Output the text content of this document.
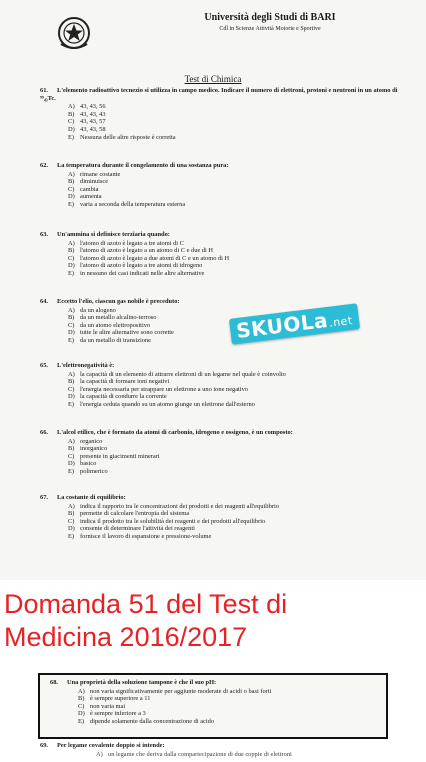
Università degli Studi di BARI
Cdl in Scienze Attività Motorie e Sportive
Test di Chimica
61. L'elemento radioattivo tecnezio si utilizza in campo medico. Indicare il numero di elettroni, protoni e neutroni in un atomo di ⁹⁹₄₃Tc.
A) 43, 43, 56
B) 43, 43, 43
C) 43, 43, 57
D) 43, 43, 58
E) Nessuna delle altre risposte è corretta
62. La temperatura durante il congelamento di una sostanza pura:
A) rimane costante
B) diminuisce
C) cambia
D) aumenta
E) varia a seconda della temperatura esterna
63. Un'ammina si definisce terziaria quando:
A) l'atomo di azoto è legato a tre atomi di C
B) l'atomo di azoto è legato a un atomo di C e due di H
C) l'atomo di azoto è legato a due atomi di C e un atomo di H
D) l'atomo di azoto è legato a tre atomi di idrogeno
E) in nessuno dei casi indicati nelle altre alternative
64. Eccetto l'elio, ciascun gas nobile è preceduto:
A) da un alogeno
B) da un metallo alcalino-terroso
C) da un atomo elettropositivo
D) tutte le altre alternative sono corrette
E) da un metallo di transizione
65. L'elettronegatività è:
A) la capacità di un elemento di attrarre elettroni di un legame nel quale è coinvolto
B) la capacità di formare ioni negativi
C) l'energia necessaria per strappare un elettrone a uno ione negativo
D) la capacità di condurre la corrente
E) l'energia ceduta quando su un atomo giunge un elettrone dall'esterno
66. L'alcol etilico, che è formato da atomi di carbonio, idrogeno e ossigeno, è un composto:
A) organico
B) inorganico
C) presente in giacimenti minerari
D) basico
E) polimerico
67. La costante di equilibrio:
A) indica il rapporto tra le concentrazioni dei prodotti e dei reagenti all'equilibrio
B) permette di calcolare l'entropia del sistema
C) indica il prodotto tra le solubilità dei reagenti e dei prodotti all'equilibrio
D) consente di determinare l'attività dei reagenti
E) fornisce il lavoro di espansione e pressione-volume
SKUOLa.net
Domanda 51 del Test di
Medicina 2016/2017
68. Una proprietà della soluzione tampone è che il suo pH:
A) non varia significativamente per aggiunte moderate di acidi o basi forti
B) è sempre superiore a 11
C) non varia mai
D) è sempre inferiore a 3
E) dipende solamente dalla concentrazione di acido
69. Per legame covalente doppio si intende:
A) un legame che deriva dalla compartecipazione di due coppie di elettroni
